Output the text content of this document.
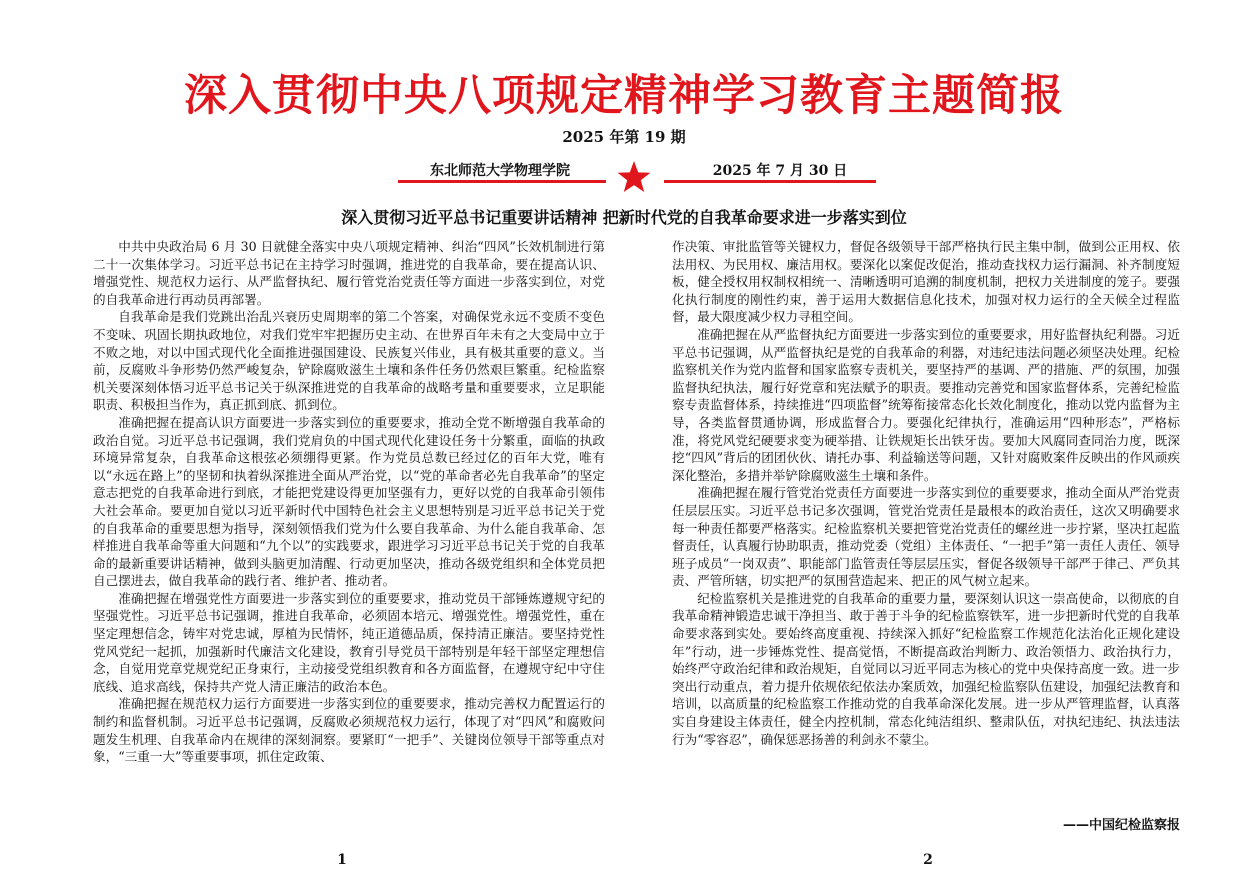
深入贯彻中央八项规定精神学习教育主题简报
2025 年第 19 期
东北师范大学物理学院	2025 年 7 月 30 日
深入贯彻习近平总书记重要讲话精神 把新时代党的自我革命要求进一步落实到位

中共中央政治局 6 月 30 日就健全落实中央八项规定精神、纠治“四风”长效机制进行第二十一次集体学习。习近平总书记在主持学习时强调，推进党的自我革命，要在提高认识、增强党性、规范权力运行、从严监督执纪、履行管党治党责任等方面进一步落实到位，对党的自我革命进行再动员再部署。

自我革命是我们党跳出治乱兴衰历史周期率的第二个答案，对确保党永远不变质不变色不变味、巩固长期执政地位，对我们党牢牢把握历史主动、在世界百年未有之大变局中立于不败之地，对以中国式现代化全面推进强国建设、民族复兴伟业，具有极其重要的意义。当前，反腐败斗争形势仍然严峻复杂，铲除腐败滋生土壤和条件任务仍然艰巨繁重。纪检监察机关要深刻体悟习近平总书记关于纵深推进党的自我革命的战略考量和重要要求，立足职能职责、积极担当作为，真正抓到底、抓到位。

准确把握在提高认识方面要进一步落实到位的重要要求，推动全党不断增强自我革命的政治自觉。习近平总书记强调，我们党肩负的中国式现代化建设任务十分繁重，面临的执政环境异常复杂，自我革命这根弦必须绷得更紧。作为党员总数已经过亿的百年大党，唯有以“永远在路上”的坚韧和执着纵深推进全面从严治党，以“党的革命者必先自我革命”的坚定意志把党的自我革命进行到底，才能把党建设得更加坚强有力，更好以党的自我革命引领伟大社会革命。要更加自觉以习近平新时代中国特色社会主义思想特别是习近平总书记关于党的自我革命的重要思想为指导，深刻领悟我们党为什么要自我革命、为什么能自我革命、怎样推进自我革命等重大问题和“九个以”的实践要求，跟进学习习近平总书记关于党的自我革命的最新重要讲话精神，做到头脑更加清醒、行动更加坚决，推动各级党组织和全体党员把自己摆进去，做自我革命的践行者、维护者、推动者。

准确把握在增强党性方面要进一步落实到位的重要要求，推动党员干部锤炼遵规守纪的坚强党性。习近平总书记强调，推进自我革命，必须固本培元、增强党性。增强党性，重在坚定理想信念，铸牢对党忠诚，厚植为民情怀，纯正道德品质，保持清正廉洁。要坚持党性党风党纪一起抓，加强新时代廉洁文化建设，教育引导党员干部特别是年轻干部坚定理想信念，自觉用党章党规党纪正身束行，主动接受党组织教育和各方面监督，在遵规守纪中守住底线、追求高线，保持共产党人清正廉洁的政治本色。

准确把握在规范权力运行方面要进一步落实到位的重要要求，推动完善权力配置运行的制约和监督机制。习近平总书记强调，反腐败必须规范权力运行，体现了对“四风”和腐败问题发生机理、自我革命内在规律的深刻洞察。要紧盯“一把手”、关键岗位领导干部等重点对象，“三重一大”等重要事项，抓住定政策、

作决策、审批监管等关键权力，督促各级领导干部严格执行民主集中制，做到公正用权、依法用权、为民用权、廉洁用权。要深化以案促改促治，推动查找权力运行漏洞、补齐制度短板，健全授权用权制权相统一、清晰透明可追溯的制度机制，把权力关进制度的笼子。要强化执行制度的刚性约束，善于运用大数据信息化技术，加强对权力运行的全天候全过程监督，最大限度减少权力寻租空间。

准确把握在从严监督执纪方面要进一步落实到位的重要要求，用好监督执纪利器。习近平总书记强调，从严监督执纪是党的自我革命的利器，对违纪违法问题必须坚决处理。纪检监察机关作为党内监督和国家监察专责机关，要坚持严的基调、严的措施、严的氛围，加强监督执纪执法，履行好党章和宪法赋予的职责。要推动完善党和国家监督体系，完善纪检监察专责监督体系，持续推进“四项监督”统筹衔接常态化长效化制度化，推动以党内监督为主导，各类监督贯通协调，形成监督合力。要强化纪律执行，准确运用“四种形态”，严格标准，将党风党纪硬要求变为硬举措、让铁规矩长出铁牙齿。要加大风腐同查同治力度，既深挖“四风”背后的团团伙伙、请托办事、利益输送等问题，又针对腐败案件反映出的作风顽疾深化整治，多措并举铲除腐败滋生土壤和条件。

准确把握在履行管党治党责任方面要进一步落实到位的重要要求，推动全面从严治党责任层层压实。习近平总书记多次强调，管党治党责任是最根本的政治责任，这次又明确要求每一种责任都要严格落实。纪检监察机关要把管党治党责任的螺丝进一步拧紧，坚决扛起监督责任，认真履行协助职责，推动党委（党组）主体责任、“一把手”第一责任人责任、领导班子成员“一岗双责”、职能部门监管责任等层层压实，督促各级领导干部严于律己、严负其责、严管所辖，切实把严的氛围营造起来、把正的风气树立起来。

纪检监察机关是推进党的自我革命的重要力量，要深刻认识这一崇高使命，以彻底的自我革命精神锻造忠诚干净担当、敢于善于斗争的纪检监察铁军，进一步把新时代党的自我革命要求落到实处。要始终高度重视、持续深入抓好“纪检监察工作规范化法治化正规化建设年”行动，进一步锤炼党性、提高觉悟，不断提高政治判断力、政治领悟力、政治执行力，始终严守政治纪律和政治规矩，自觉同以习近平同志为核心的党中央保持高度一致。进一步突出行动重点，着力提升依规依纪依法办案质效，加强纪检监察队伍建设，加强纪法教育和培训，以高质量的纪检监察工作推动党的自我革命深化发展。进一步从严管理监督，认真落实自身建设主体责任，健全内控机制，常态化纯洁组织、整肃队伍，对执纪违纪、执法违法行为“零容忍”，确保惩恶扬善的利剑永不蒙尘。

——中国纪检监察报
1	2
